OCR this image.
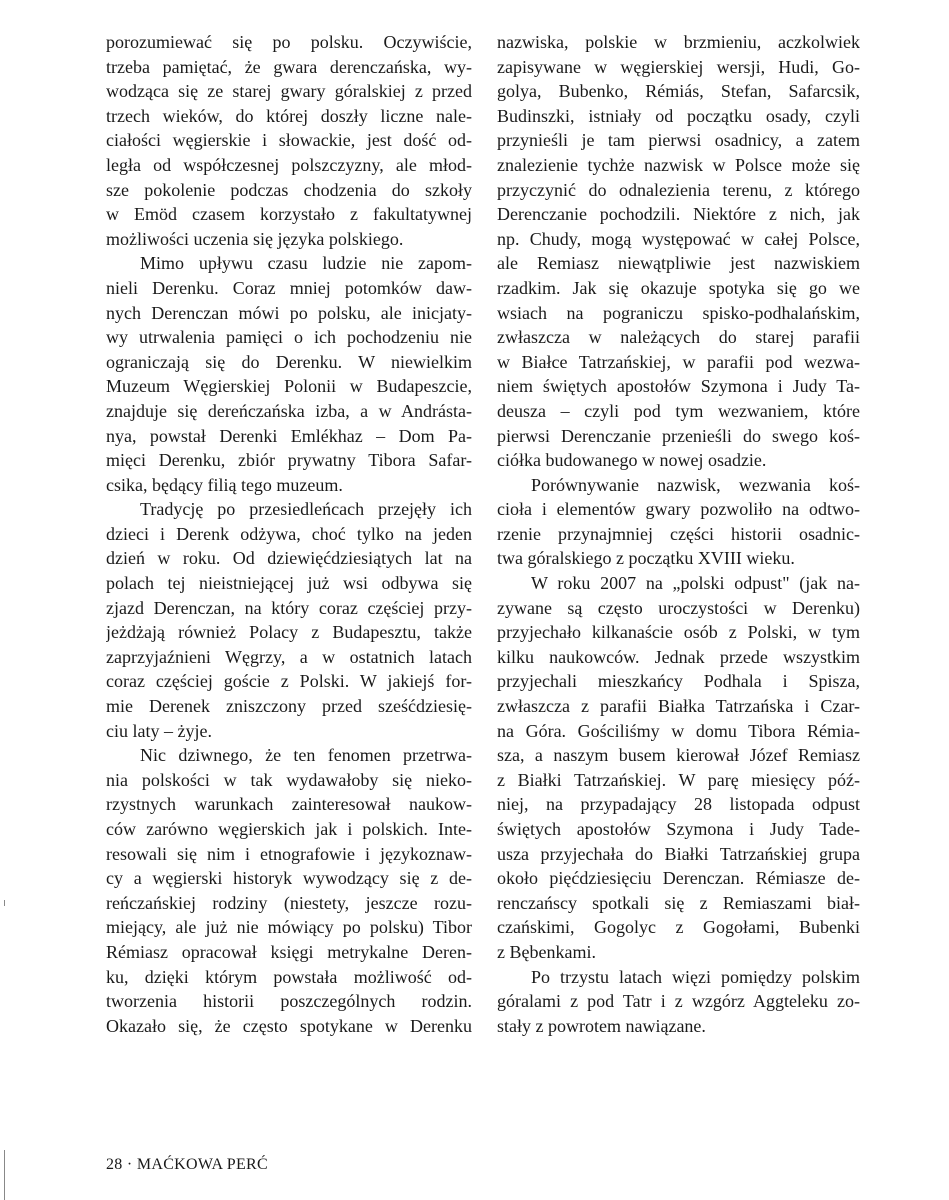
porozumiewać się po polsku. Oczywiście,
trzeba pamiętać, że gwara derenczańska, wy-
wodząca się ze starej gwary góralskiej z przed
trzech wieków, do której doszły liczne nale-
ciałości węgierskie i słowackie, jest dość od-
legła od współczesnej polszczyzny, ale młod-
sze pokolenie podczas chodzenia do szkoły
w Emöd czasem korzystało z fakultatywnej
możliwości uczenia się języka polskiego.
Mimo upływu czasu ludzie nie zapom-
nieli Derenku. Coraz mniej potomków daw-
nych Derenczan mówi po polsku, ale inicjaty-
wy utrwalenia pamięci o ich pochodzeniu nie
ograniczają się do Derenku. W niewielkim
Muzeum Węgierskiej Polonii w Budapeszcie,
znajduje się dereńczańska izba, a w Andrásta-
nya, powstał Derenki Emlékhaz – Dom Pa-
mięci Derenku, zbiór prywatny Tibora Safar-
csika, będący filią tego muzeum.
Tradycję po przesiedleńcach przejęły ich
dzieci i Derenk odżywa, choć tylko na jeden
dzień w roku. Od dziewięćdziesiątych lat na
polach tej nieistniejącej już wsi odbywa się
zjazd Derenczan, na który coraz częściej przy-
jeżdżają również Polacy z Budapesztu, także
zaprzyjaźnieni Węgrzy, a w ostatnich latach
coraz częściej goście z Polski. W jakiejś for-
mie Derenek zniszczony przed sześćdziesię-
ciu laty – żyje.
Nic dziwnego, że ten fenomen przetrwa-
nia polskości w tak wydawałoby się nieko-
rzystnych warunkach zainteresował naukow-
ców zarówno węgierskich jak i polskich. Inte-
resowali się nim i etnografowie i językoznaw-
cy a węgierski historyk wywodzący się z de-
reńczańskiej rodziny (niestety, jeszcze rozu-
miejący, ale już nie mówiący po polsku) Tibor
Rémiasz opracował księgi metrykalne Deren-
ku, dzięki którym powstała możliwość od-
tworzenia historii poszczególnych rodzin.
Okazało się, że często spotykane w Derenku
nazwiska, polskie w brzmieniu, aczkolwiek
zapisywane w węgierskiej wersji, Hudi, Go-
golya, Bubenko, Rémiás, Stefan, Safarcsik,
Budinszki, istniały od początku osady, czyli
przynieśli je tam pierwsi osadnicy, a zatem
znalezienie tychże nazwisk w Polsce może się
przyczynić do odnalezienia terenu, z którego
Derenczanie pochodzili. Niektóre z nich, jak
np. Chudy, mogą występować w całej Polsce,
ale Remiasz niewątpliwie jest nazwiskiem
rzadkim. Jak się okazuje spotyka się go we
wsiach na pograniczu spisko-podhalańskim,
zwłaszcza w należących do starej parafii
w Białce Tatrzańskiej, w parafii pod wezwa-
niem świętych apostołów Szymona i Judy Ta-
deusza – czyli pod tym wezwaniem, które
pierwsi Derenczanie przenieśli do swego koś-
ciółka budowanego w nowej osadzie.
Porównywanie nazwisk, wezwania koś-
cioła i elementów gwary pozwoliło na odtwo-
rzenie przynajmniej części historii osadnic-
twa góralskiego z początku XVIII wieku.
W roku 2007 na „polski odpust" (jak na-
zywane są często uroczystości w Derenku)
przyjechało kilkanaście osób z Polski, w tym
kilku naukowców. Jednak przede wszystkim
przyjechali mieszkańcy Podhala i Spisza,
zwłaszcza z parafii Białka Tatrzańska i Czar-
na Góra. Gościliśmy w domu Tibora Rémia-
sza, a naszym busem kierował Józef Remiasz
z Białki Tatrzańskiej. W parę miesięcy póź-
niej, na przypadający 28 listopada odpust
świętych apostołów Szymona i Judy Tade-
usza przyjechała do Białki Tatrzańskiej grupa
około pięćdziesięciu Derenczan. Rémiasze de-
renczańscy spotkali się z Remiaszami biał-
czańskimi, Gogolyc z Gogołami, Bubenki
z Bębenkami.
Po trzystu latach więzi pomiędzy polskim
góralami z pod Tatr i z wzgórz Aggteleku zo-
stały z powrotem nawiązane.
28 · MAĆKOWA PERĆ
